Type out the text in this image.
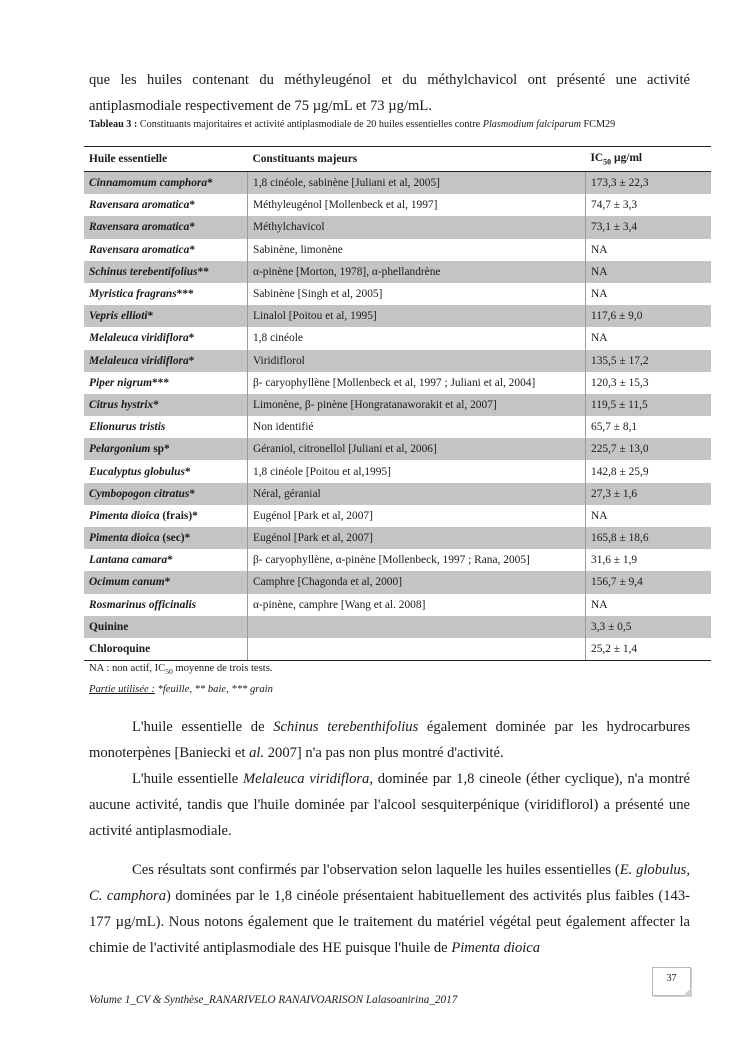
que les huiles contenant du méthyleugénol et du méthylchavicol ont présenté une activité
antiplasmodiale respectivement de 75 µg/mL et 73 µg/mL.
Tableau 3 : Constituants majoritaires et activité antiplasmodiale de 20 huiles essentielles contre Plasmodium falciparum FCM29
Huile essentielle	Constituants majeurs	$IC_{50}$ µg/ml
Cinnamomum camphora*	1,8 cinéole, sabinène [Juliani et al, 2005]	173,3 ± 22,3
Ravensara aromatica*	Méthyleugénol [Mollenbeck et al, 1997]	74,7 ± 3,3
Ravensara aromatica*	Méthylchavicol	73,1 ± 3,4
Ravensara aromatica*	Sabinène, limonène	NA
Schinus terebentifolius**	α-pinène [Morton, 1978], α-phellandrène	NA
Myristica fragrans***	Sabinène [Singh et al, 2005]	NA
Vepris ellioti*	Linalol [Poitou et al, 1995]	117,6 ± 9,0
Melaleuca viridiflora*	1,8 cinéole	NA
Melaleuca viridiflora*	Viridiflorol	135,5 ± 17,2
Piper nigrum***	β- caryophyllène [Mollenbeck et al, 1997 ; Juliani et al, 2004]	120,3 ± 15,3
Citrus hystrix*	Limonène, β- pinène [Hongratanaworakit et al, 2007]	119,5 ± 11,5
Elionurus tristis	Non identifié	65,7 ± 8,1
Pelargonium sp*	Géraniol, citronellol [Juliani et al, 2006]	225,7 ± 13,0
Eucalyptus globulus*	1,8 cinéole [Poitou et al,1995]	142,8 ± 25,9
Cymbopogon citratus*	Néral, géranial	27,3 ± 1,6
Pimenta dioica (frais)*	Eugénol [Park et al, 2007]	NA
Pimenta dioica (sec)*	Eugénol [Park et al, 2007]	165,8 ± 18,6
Lantana camara*	β- caryophyllène, α-pinène [Mollenbeck, 1997 ; Rana, 2005]	31,6 ± 1,9
Ocimum canum*	Camphre [Chagonda et al, 2000]	156,7 ± 9,4
Rosmarinus officinalis	α-pinène, camphre [Wang et al. 2008]	NA
Quinine		3,3 ± 0,5
Chloroquine		25,2 ± 1,4
NA : non actif, $IC_{50}$ moyenne de trois tests.
Partie utilisée : *feuille, ** baie, *** grain
L'huile essentielle de Schinus terebenthifolius également dominée par les hydrocarbures monoterpènes [Baniecki et al. 2007] n'a pas non plus montré d'activité.
L'huile essentielle Melaleuca viridiflora, dominée par 1,8 cineole (éther cyclique), n'a montré aucune activité, tandis que l'huile dominée par l'alcool sesquiterpénique (viridiflorol) a présenté une activité antiplasmodiale.
Ces résultats sont confirmés par l'observation selon laquelle les huiles essentielles (E. globulus, C. camphora) dominées par le 1,8 cinéole présentaient habituellement des activités plus faibles (143-177 µg/mL). Nous notons également que le traitement du matériel végétal peut également affecter la chimie de l'activité antiplasmodiale des HE puisque l'huile de Pimenta dioica
37
Volume 1_CV & Synthèse_RANARIVELO RANAIVOARISON Lalasoanirina_2017
